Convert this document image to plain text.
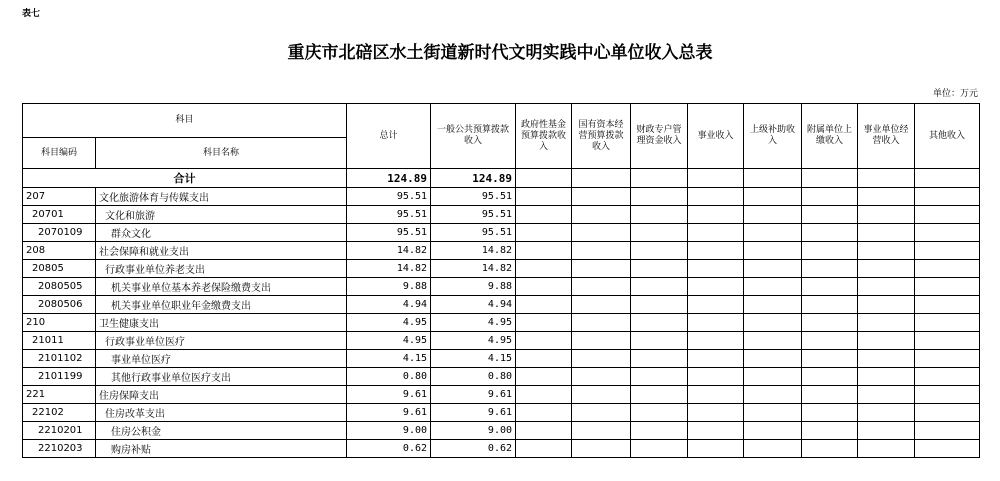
表七
重庆市北碚区水土街道新时代文明实践中心单位收入总表
单位：万元
科目		总计	一般公共预算拨款收入	政府性基金预算拨款收入	国有资本经营预算拨款收入	财政专户管理资金收入	事业收入	上级补助收入	附属单位上缴收入	事业单位经营收入	其他收入
科目编码	科目名称										
合计		124.89	124.89								
207	文化旅游体育与传媒支出	95.51	95.51								
20701	文化和旅游	95.51	95.51								
2070109	群众文化	95.51	95.51								
208	社会保障和就业支出	14.82	14.82								
20805	行政事业单位养老支出	14.82	14.82								
2080505	机关事业单位基本养老保险缴费支出	9.88	9.88								
2080506	机关事业单位职业年金缴费支出	4.94	4.94								
210	卫生健康支出	4.95	4.95								
21011	行政事业单位医疗	4.95	4.95								
2101102	事业单位医疗	4.15	4.15								
2101199	其他行政事业单位医疗支出	0.80	0.80								
221	住房保障支出	9.61	9.61								
22102	住房改革支出	9.61	9.61								
2210201	住房公积金	9.00	9.00								
2210203	购房补贴	0.62	0.62								
